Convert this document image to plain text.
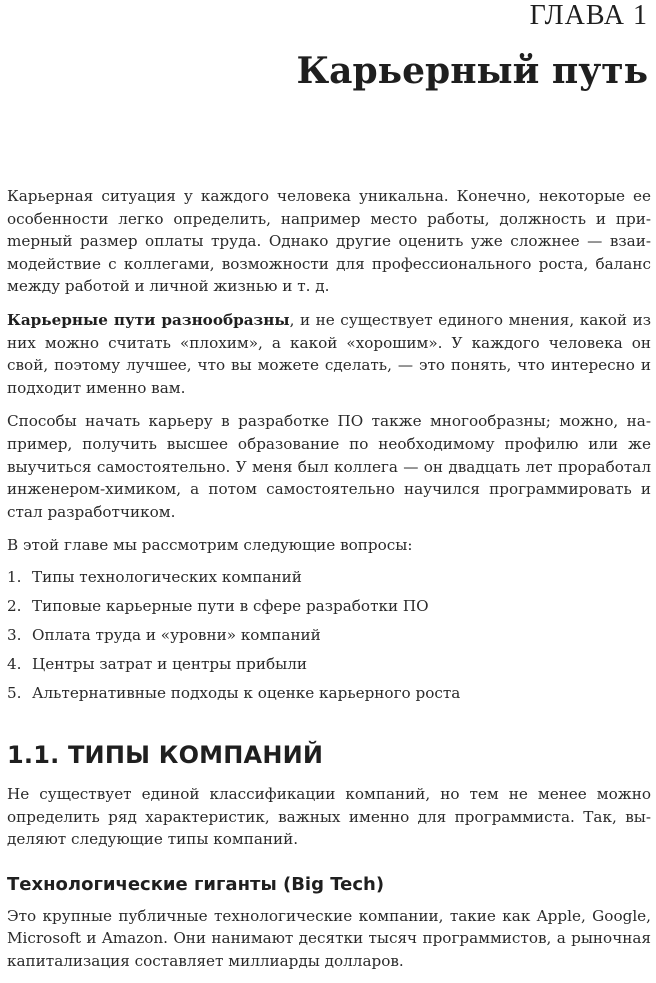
ГЛАВА 1
Карьерный путь

Карьерная ситуация у каждого человека уникальна. Конечно, некоторые ее особенности легко определить, например место работы, должность и приmерный размер оплаты труда. Однако другие оценить уже сложнее — взаимодействие с коллегами, возможности для профессионального роста, баланс между работой и личной жизнью и т. д.

Карьерные пути разнообразны, и не существует единого мнения, какой из них можно считать «плохим», а какой «хорошим». У каждого человека он свой, поэтому лучшее, что вы можете сделать, — это понять, что интересно и подходит именно вам.

Способы начать карьеру в разработке ПО также многообразны; можно, например, получить высшее образование по необходимому профилю или же выучиться самостоятельно. У меня был коллега — он двадцать лет проработал инженером-химиком, а потом самостоятельно научился программировать и стал разработчиком.

В этой главе мы рассмотрим следующие вопросы:

1. Типы технологических компаний
2. Типовые карьерные пути в сфере разработки ПО
3. Оплата труда и «уровни» компаний
4. Центры затрат и центры прибыли
5. Альтернативные подходы к оценке карьерного роста
1.1. ТИПЫ КОМПАНИЙ

Не существует единой классификации компаний, но тем не менее можно определить ряд характеристик, важных именно для программиста. Так, выделяют следующие типы компаний.

Технологические гиганты (Big Tech)

Это крупные публичные технологические компании, такие как Apple, Google, Microsoft и Amazon. Они нанимают десятки тысяч программистов, а рыночная капитализация составляет миллиарды долларов.
